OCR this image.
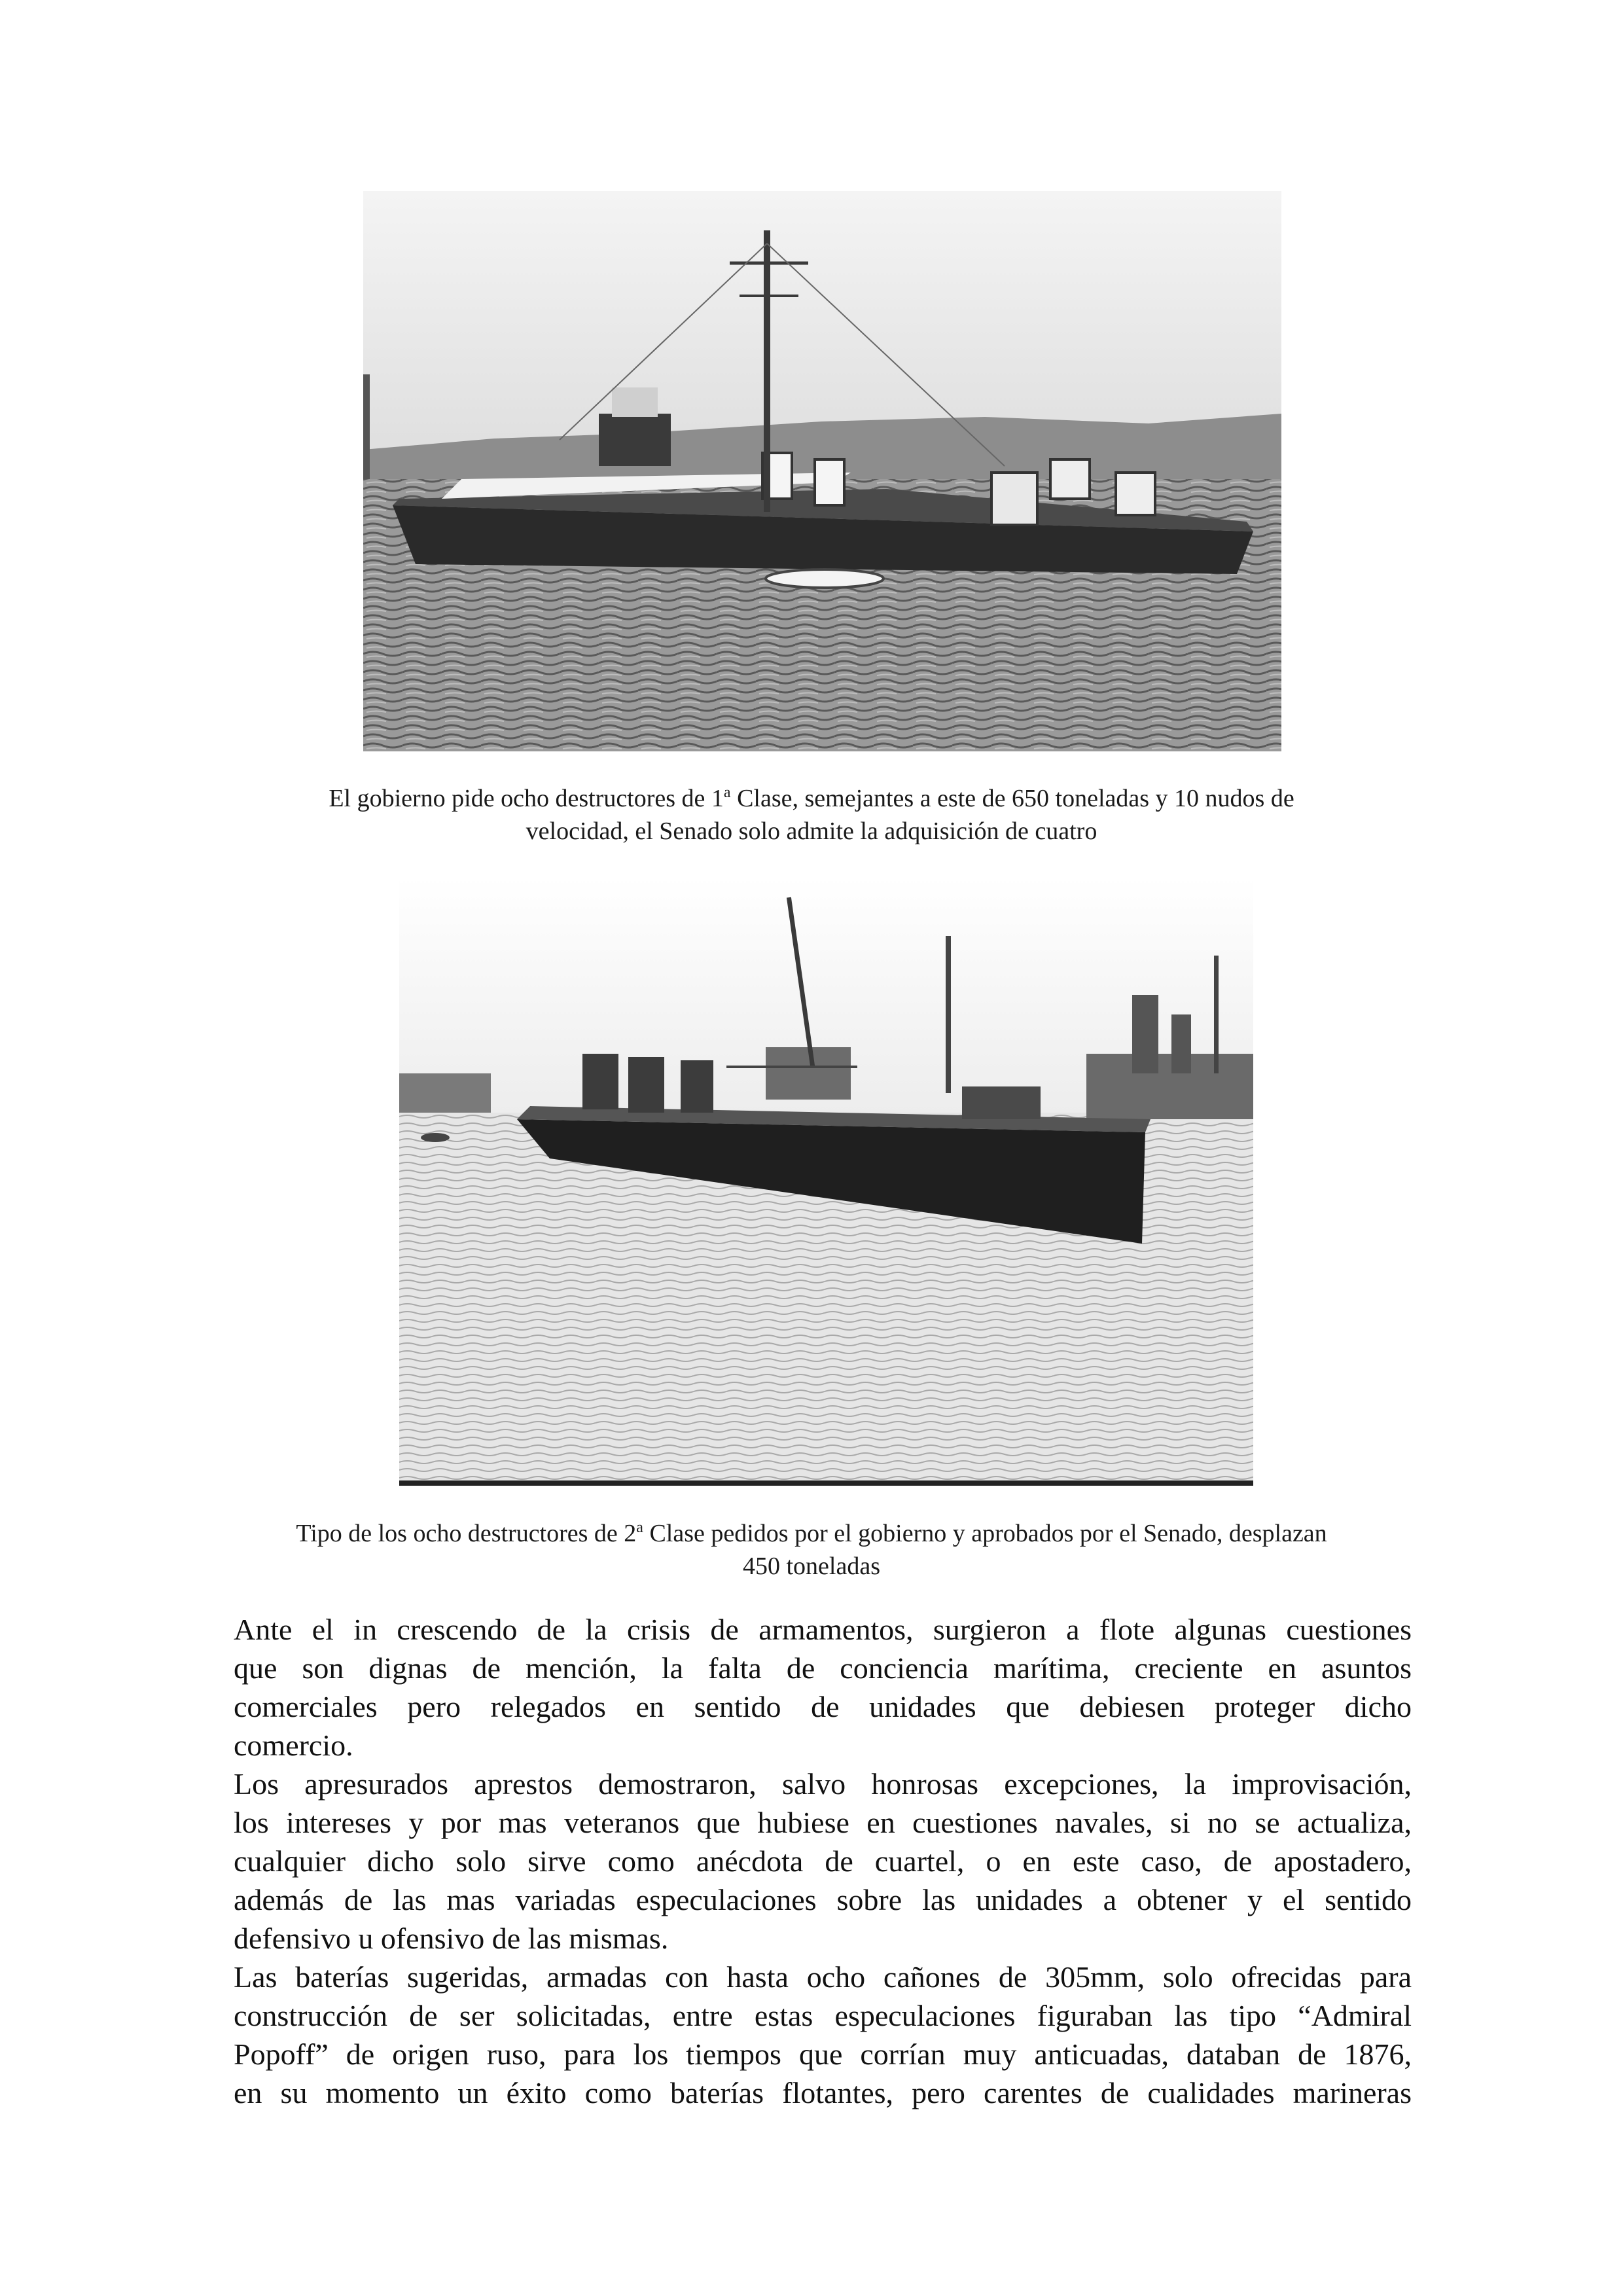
El gobierno pide ocho destructores de 1$^a$ Clase, semejantes a este de 650 toneladas y 10 nudos de
velocidad, el Senado solo admite la adquisición de cuatro
Tipo de los ocho destructores de 2$^a$ Clase pedidos por el gobierno y aprobados por el Senado, desplazan
450 toneladas
Ante el in crescendo de la crisis de armamentos, surgieron a flote algunas cuestiones
que son dignas de mención, la falta de conciencia marítima, creciente en asuntos
comerciales pero relegados en sentido de unidades que debiesen proteger dicho
comercio.
Los apresurados aprestos demostraron, salvo honrosas excepciones, la improvisación,
los intereses y por mas veteranos que hubiese en cuestiones navales, si no se actualiza,
cualquier dicho solo sirve como anécdota de cuartel, o en este caso, de apostadero,
además de las mas variadas especulaciones sobre las unidades a obtener y el sentido
defensivo u ofensivo de las mismas.
Las baterías sugeridas, armadas con hasta ocho cañones de 305mm, solo ofrecidas para
construcción de ser solicitadas, entre estas especulaciones figuraban las tipo “Admiral
Popoff” de origen ruso, para los tiempos que corrían muy anticuadas, databan de 1876,
en su momento un éxito como baterías flotantes, pero carentes de cualidades marineras
